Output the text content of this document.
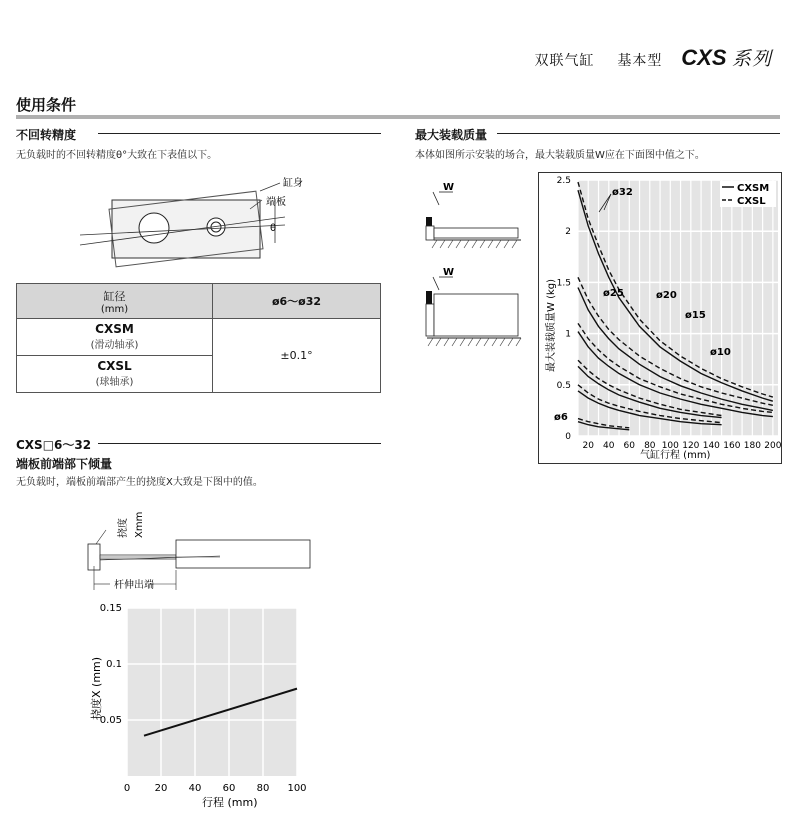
双联气缸 基本型 CXS 系列
使用条件
不回转精度
无负载时的不回转精度θ°大致在下表值以下。
缸身
端板
θ
缸径
(mm)	ø6～ø32
CXSM
(滑动轴承)	±0.1°
CXSL
(球轴承)	
最大装载质量
本体如图所示安装的场合，最大装载质量W应在下面图中值之下。
W
W
20 40 60 80 100 120 140 160 180 200
0
0.5
1
1.5
2
2.5
CXSM
CXSL
ø32
ø25	ø20
ø15
ø10
ø6
气缸行程 (mm)
最大装载质量W (kg)
CXS□6～32
端板前端部下倾量
无负载时，端板前端部产生的挠度X大致是下图中的值。
挠度 Xmm
杆伸出端
0 20 40 60 80 100
0.05
0.1
0.15
行程 (mm)
挠度X (mm)
